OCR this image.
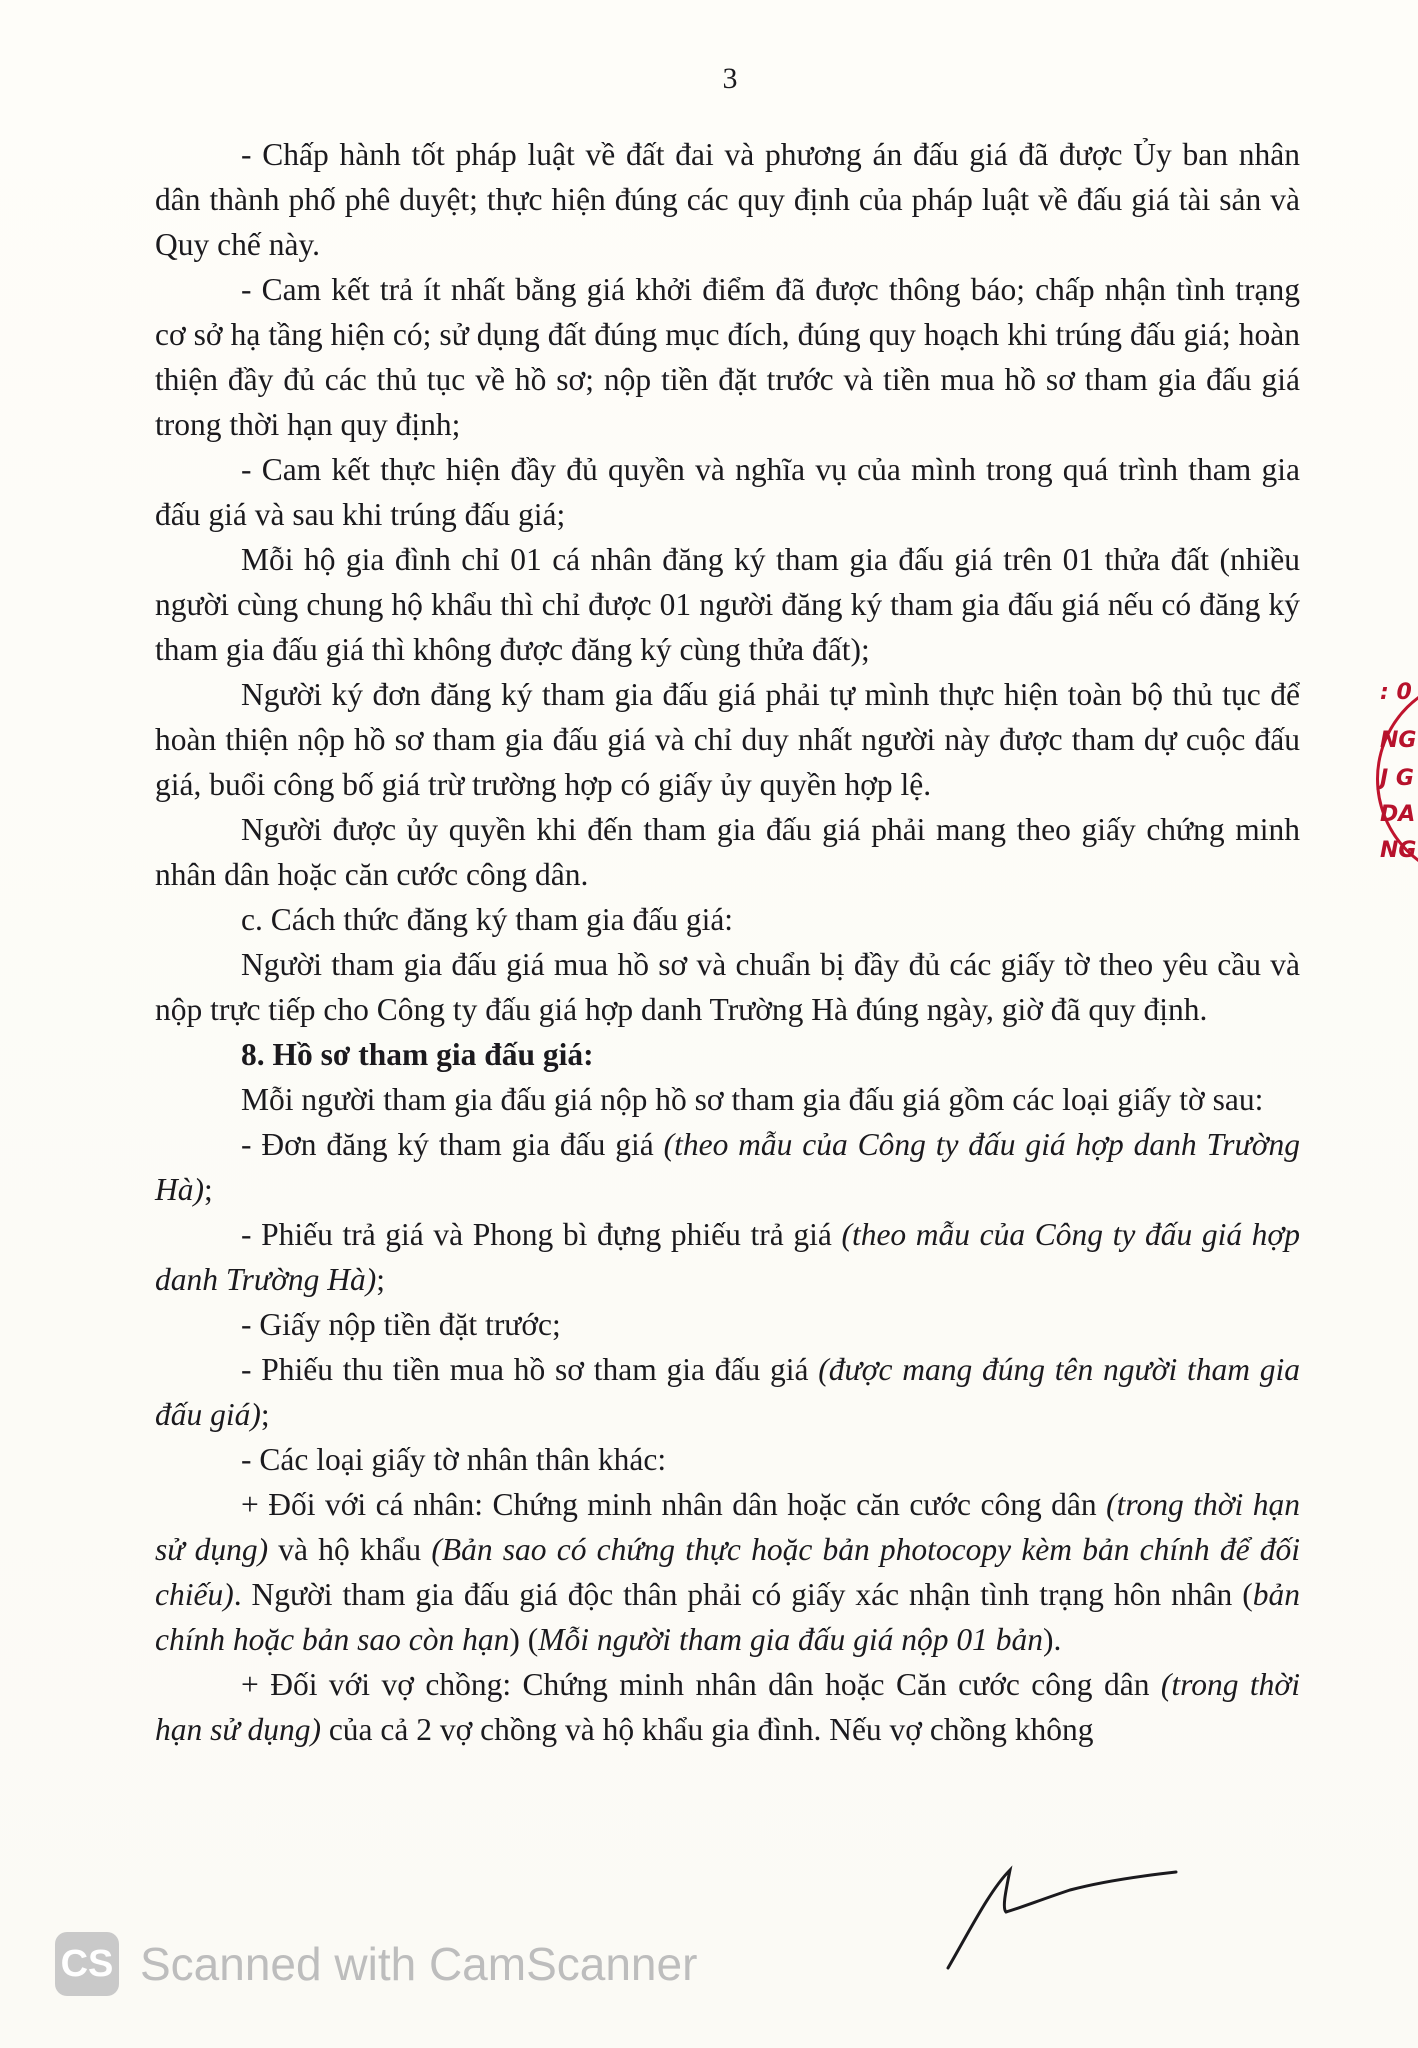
3

- Chấp hành tốt pháp luật về đất đai và phương án đấu giá đã được Ủy ban nhân dân thành phố phê duyệt; thực hiện đúng các quy định của pháp luật về đấu giá tài sản và Quy chế này.

- Cam kết trả ít nhất bằng giá khởi điểm đã được thông báo; chấp nhận tình trạng cơ sở hạ tầng hiện có; sử dụng đất đúng mục đích, đúng quy hoạch khi trúng đấu giá; hoàn thiện đầy đủ các thủ tục về hồ sơ; nộp tiền đặt trước và tiền mua hồ sơ tham gia đấu giá trong thời hạn quy định;

- Cam kết thực hiện đầy đủ quyền và nghĩa vụ của mình trong quá trình tham gia đấu giá và sau khi trúng đấu giá;

Mỗi hộ gia đình chỉ 01 cá nhân đăng ký tham gia đấu giá trên 01 thửa đất (nhiều người cùng chung hộ khẩu thì chỉ được 01 người đăng ký tham gia đấu giá nếu có đăng ký tham gia đấu giá thì không được đăng ký cùng thửa đất);

Người ký đơn đăng ký tham gia đấu giá phải tự mình thực hiện toàn bộ thủ tục để hoàn thiện nộp hồ sơ tham gia đấu giá và chỉ duy nhất người này được tham dự cuộc đấu giá, buổi công bố giá trừ trường hợp có giấy ủy quyền hợp lệ.

Người được ủy quyền khi đến tham gia đấu giá phải mang theo giấy chứng minh nhân dân hoặc căn cước công dân.

c. Cách thức đăng ký tham gia đấu giá:

Người tham gia đấu giá mua hồ sơ và chuẩn bị đầy đủ các giấy tờ theo yêu cầu và nộp trực tiếp cho Công ty đấu giá hợp danh Trường Hà đúng ngày, giờ đã quy định.

8. Hồ sơ tham gia đấu giá:

Mỗi người tham gia đấu giá nộp hồ sơ tham gia đấu giá gồm các loại giấy tờ sau:

- Đơn đăng ký tham gia đấu giá (theo mẫu của Công ty đấu giá hợp danh Trường Hà);

- Phiếu trả giá và Phong bì đựng phiếu trả giá (theo mẫu của Công ty đấu giá hợp danh Trường Hà);

- Giấy nộp tiền đặt trước;

- Phiếu thu tiền mua hồ sơ tham gia đấu giá (được mang đúng tên người tham gia đấu giá);

- Các loại giấy tờ nhân thân khác:

+ Đối với cá nhân: Chứng minh nhân dân hoặc căn cước công dân (trong thời hạn sử dụng) và hộ khẩu (Bản sao có chứng thực hoặc bản photocopy kèm bản chính để đối chiếu). Người tham gia đấu giá độc thân phải có giấy xác nhận tình trạng hôn nhân (bản chính hoặc bản sao còn hạn) (Mỗi người tham gia đấu giá nộp 01 bản).

+ Đối với vợ chồng: Chứng minh nhân dân hoặc Căn cước công dân (trong thời hạn sử dụng) của cả 2 vợ chồng và hộ khẩu gia đình. Nếu vợ chồng không

: 0
NG
J G
DA
NG
CS Scanned with CamScanner
